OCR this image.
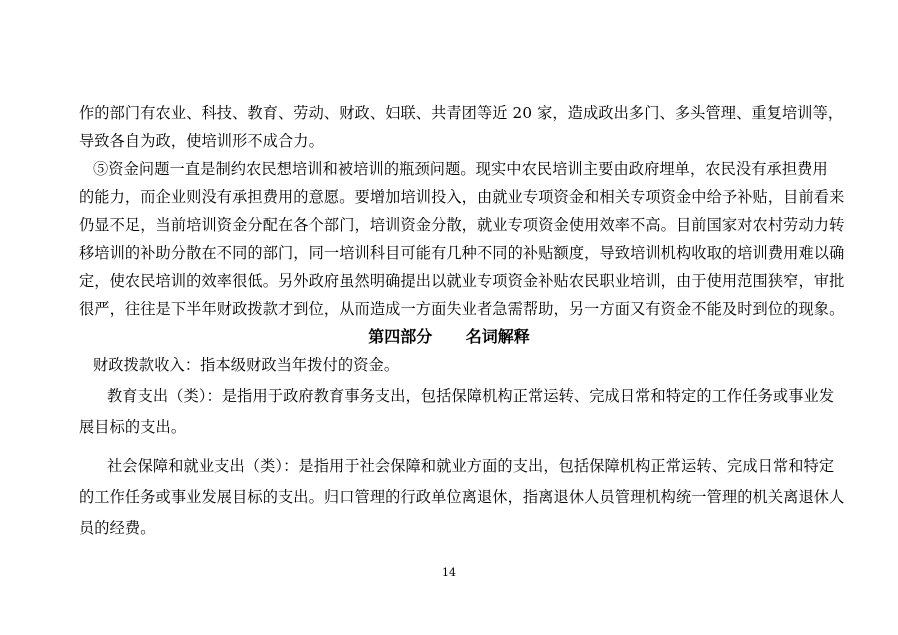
作的部门有农业、科技、教育、劳动、财政、妇联、共青团等近 20 家，造成政出多门、多头管理、重复培训等，
导致各自为政，使培训形不成合力。
⑤资金问题一直是制约农民想培训和被培训的瓶颈问题。现实中农民培训主要由政府埋单，农民没有承担费用
的能力，而企业则没有承担费用的意愿。要增加培训投入，由就业专项资金和相关专项资金中给予补贴，目前看来
仍显不足，当前培训资金分配在各个部门，培训资金分散，就业专项资金使用效率不高。目前国家对农村劳动力转
移培训的补助分散在不同的部门，同一培训科目可能有几种不同的补贴额度，导致培训机构收取的培训费用难以确
定，使农民培训的效率很低。另外政府虽然明确提出以就业专项资金补贴农民职业培训，由于使用范围狭窄，审批
很严，往往是下半年财政拨款才到位，从而造成一方面失业者急需帮助，另一方面又有资金不能及时到位的现象。
第四部分      名词解释
财政拨款收入：指本级财政当年拨付的资金。
教育支出（类）：是指用于政府教育事务支出，包括保障机构正常运转、完成日常和特定的工作任务或事业发
展目标的支出。
社会保障和就业支出（类）：是指用于社会保障和就业方面的支出，包括保障机构正常运转、完成日常和特定
的工作任务或事业发展目标的支出。归口管理的行政单位离退休，指离退休人员管理机构统一管理的机关离退休人
员的经费。
14
